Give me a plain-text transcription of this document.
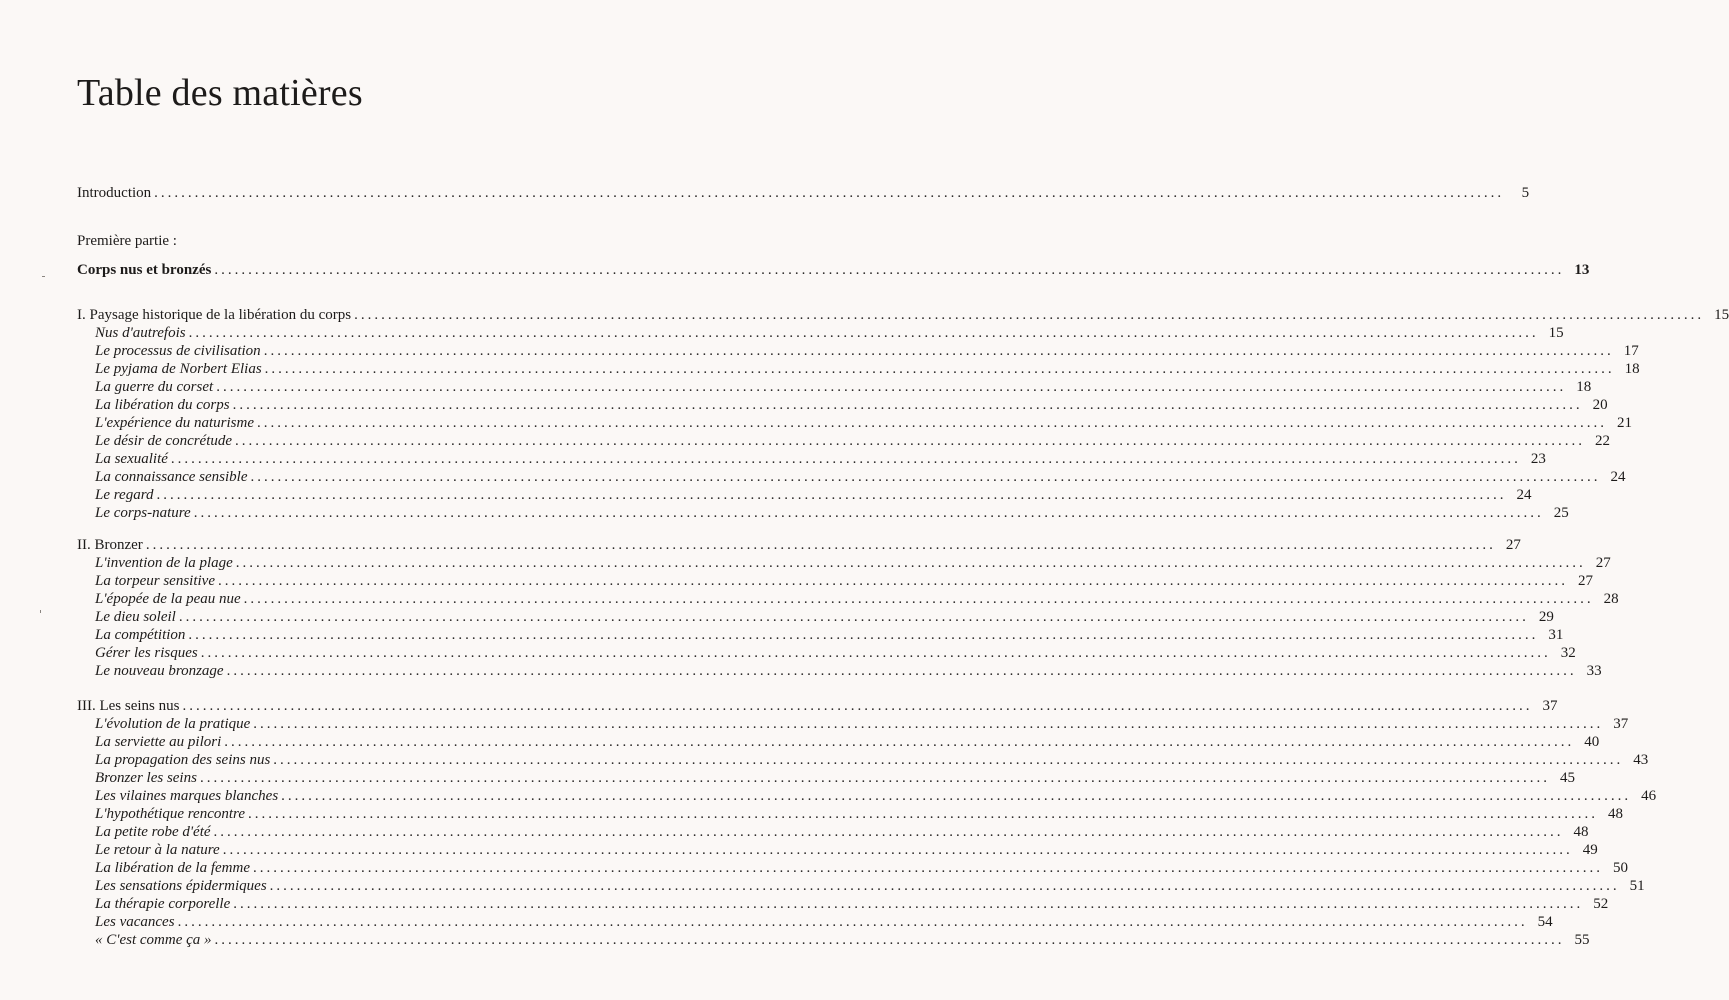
Table des matières
Introduction ........................................................................................................................................................................................................	5
Première partie :
Corps nus et bronzés ........................................................................................................................................................................................................ 13
I. Paysage historique de la libération du corps ........................................................................................................................................................................................................ 15
Nus d'autrefois ........................................................................................................................................................................................................ 15
Le processus de civilisation ........................................................................................................................................................................................................ 17
Le pyjama de Norbert Elias ........................................................................................................................................................................................................ 18
La guerre du corset ........................................................................................................................................................................................................ 18
La libération du corps ........................................................................................................................................................................................................ 20
L'expérience du naturisme ........................................................................................................................................................................................................ 21
Le désir de concrétude ........................................................................................................................................................................................................ 22
La sexualité ........................................................................................................................................................................................................ 23
La connaissance sensible ........................................................................................................................................................................................................ 24
Le regard ........................................................................................................................................................................................................ 24
Le corps-nature ........................................................................................................................................................................................................ 25
II. Bronzer ........................................................................................................................................................................................................ 27
L'invention de la plage ........................................................................................................................................................................................................ 27
La torpeur sensitive ........................................................................................................................................................................................................ 27
L'épopée de la peau nue ........................................................................................................................................................................................................ 28
Le dieu soleil ........................................................................................................................................................................................................ 29
La compétition ........................................................................................................................................................................................................ 31
Gérer les risques ........................................................................................................................................................................................................ 32
Le nouveau bronzage ........................................................................................................................................................................................................ 33
III. Les seins nus ........................................................................................................................................................................................................ 37
L'évolution de la pratique ........................................................................................................................................................................................................ 37
La serviette au pilori ........................................................................................................................................................................................................ 40
La propagation des seins nus ........................................................................................................................................................................................................ 43
Bronzer les seins ........................................................................................................................................................................................................ 45
Les vilaines marques blanches ........................................................................................................................................................................................................ 46
L'hypothétique rencontre ........................................................................................................................................................................................................ 48
La petite robe d'été ........................................................................................................................................................................................................ 48
Le retour à la nature ........................................................................................................................................................................................................ 49
La libération de la femme ........................................................................................................................................................................................................ 50
Les sensations épidermiques ........................................................................................................................................................................................................ 51
La thérapie corporelle ........................................................................................................................................................................................................ 52
Les vacances ........................................................................................................................................................................................................ 54
« C'est comme ça » ........................................................................................................................................................................................................ 55
